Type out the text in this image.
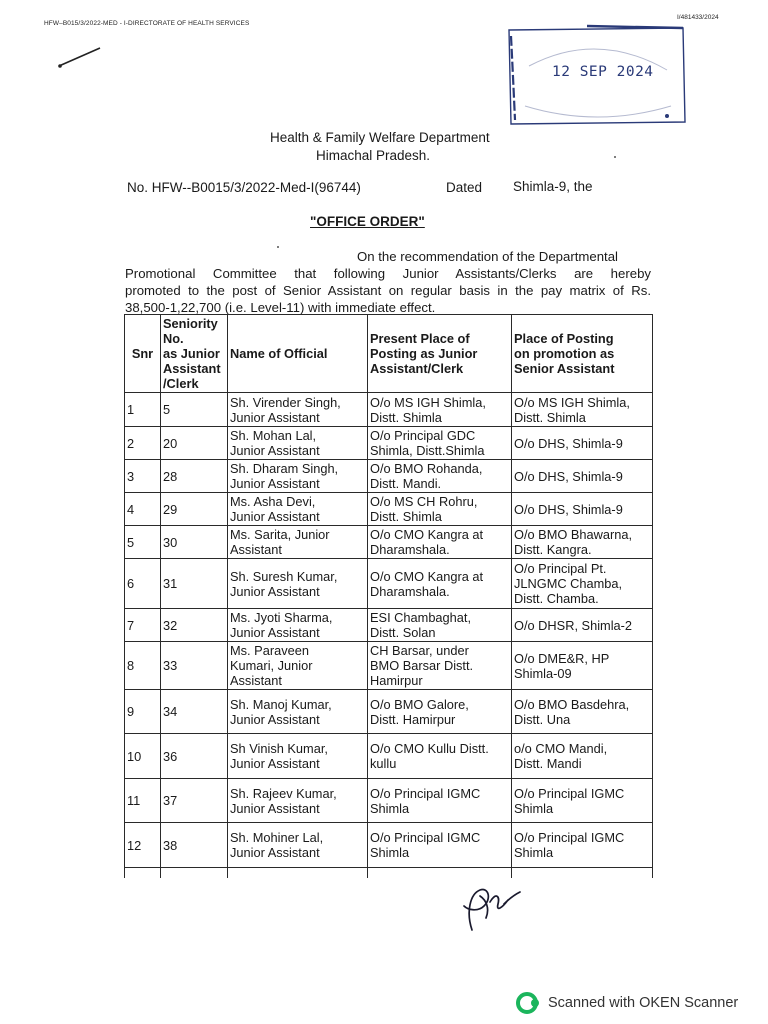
HFW–B015/3/2022-MED - I-DIRECTORATE OF HEALTH SERVICES
I/481433/2024
12 SEP 2024
Health & Family Welfare Department
Himachal Pradesh.
No. HFW--B0015/3/2022-Med-I(96744)	Dated Shimla-9, the
"OFFICE ORDER"
On the recommendation of the Departmental
Promotional Committee that following Junior Assistants/Clerks are hereby
promoted to the post of Senior Assistant on regular basis in the pay matrix of Rs.
38,500-1,22,700 (i.e. Level-11) with immediate effect.
Snr	Seniority
No.
as Junior
Assistant
/Clerk	Name of Official	Present Place of
Posting as Junior
Assistant/Clerk	Place of Posting
on promotion as
Senior Assistant
1	5	Sh. Virender Singh,
Junior Assistant	O/o MS IGH Shimla,
Distt. Shimla	O/o MS IGH Shimla,
Distt. Shimla
2	20	Sh. Mohan Lal,
Junior Assistant	O/o Principal GDC
Shimla, Distt.Shimla	O/o DHS, Shimla-9
3	28	Sh. Dharam Singh,
Junior Assistant	O/o BMO Rohanda,
Distt. Mandi.	O/o DHS, Shimla-9
4	29	Ms. Asha Devi,
Junior Assistant	O/o MS CH Rohru,
Distt. Shimla	O/o DHS, Shimla-9
5	30	Ms. Sarita, Junior
Assistant	O/o CMO Kangra at
Dharamshala.	O/o BMO Bhawarna,
Distt. Kangra.
6	31	Sh. Suresh Kumar,
Junior Assistant	O/o CMO Kangra at
Dharamshala.	O/o Principal Pt.
JLNGMC Chamba,
Distt. Chamba.
7	32	Ms. Jyoti Sharma,
Junior Assistant	ESI Chambaghat,
Distt. Solan	O/o DHSR, Shimla-2
8	33	Ms. Paraveen
Kumari, Junior
Assistant	CH Barsar, under
BMO Barsar Distt.
Hamirpur	O/o DME&R, HP
Shimla-09
9	34	Sh. Manoj Kumar,
Junior Assistant	O/o BMO Galore,
Distt. Hamirpur	O/o BMO Basdehra,
Distt. Una
10	36	Sh Vinish Kumar,
Junior Assistant	O/o CMO Kullu Distt.
kullu	o/o CMO Mandi,
Distt. Mandi
11	37	Sh. Rajeev Kumar,
Junior Assistant	O/o Principal IGMC
Shimla	O/o Principal IGMC
Shimla
12	38	Sh. Mohiner Lal,
Junior Assistant	O/o Principal IGMC
Shimla	O/o Principal IGMC
Shimla

Scanned with OKEN Scanner
